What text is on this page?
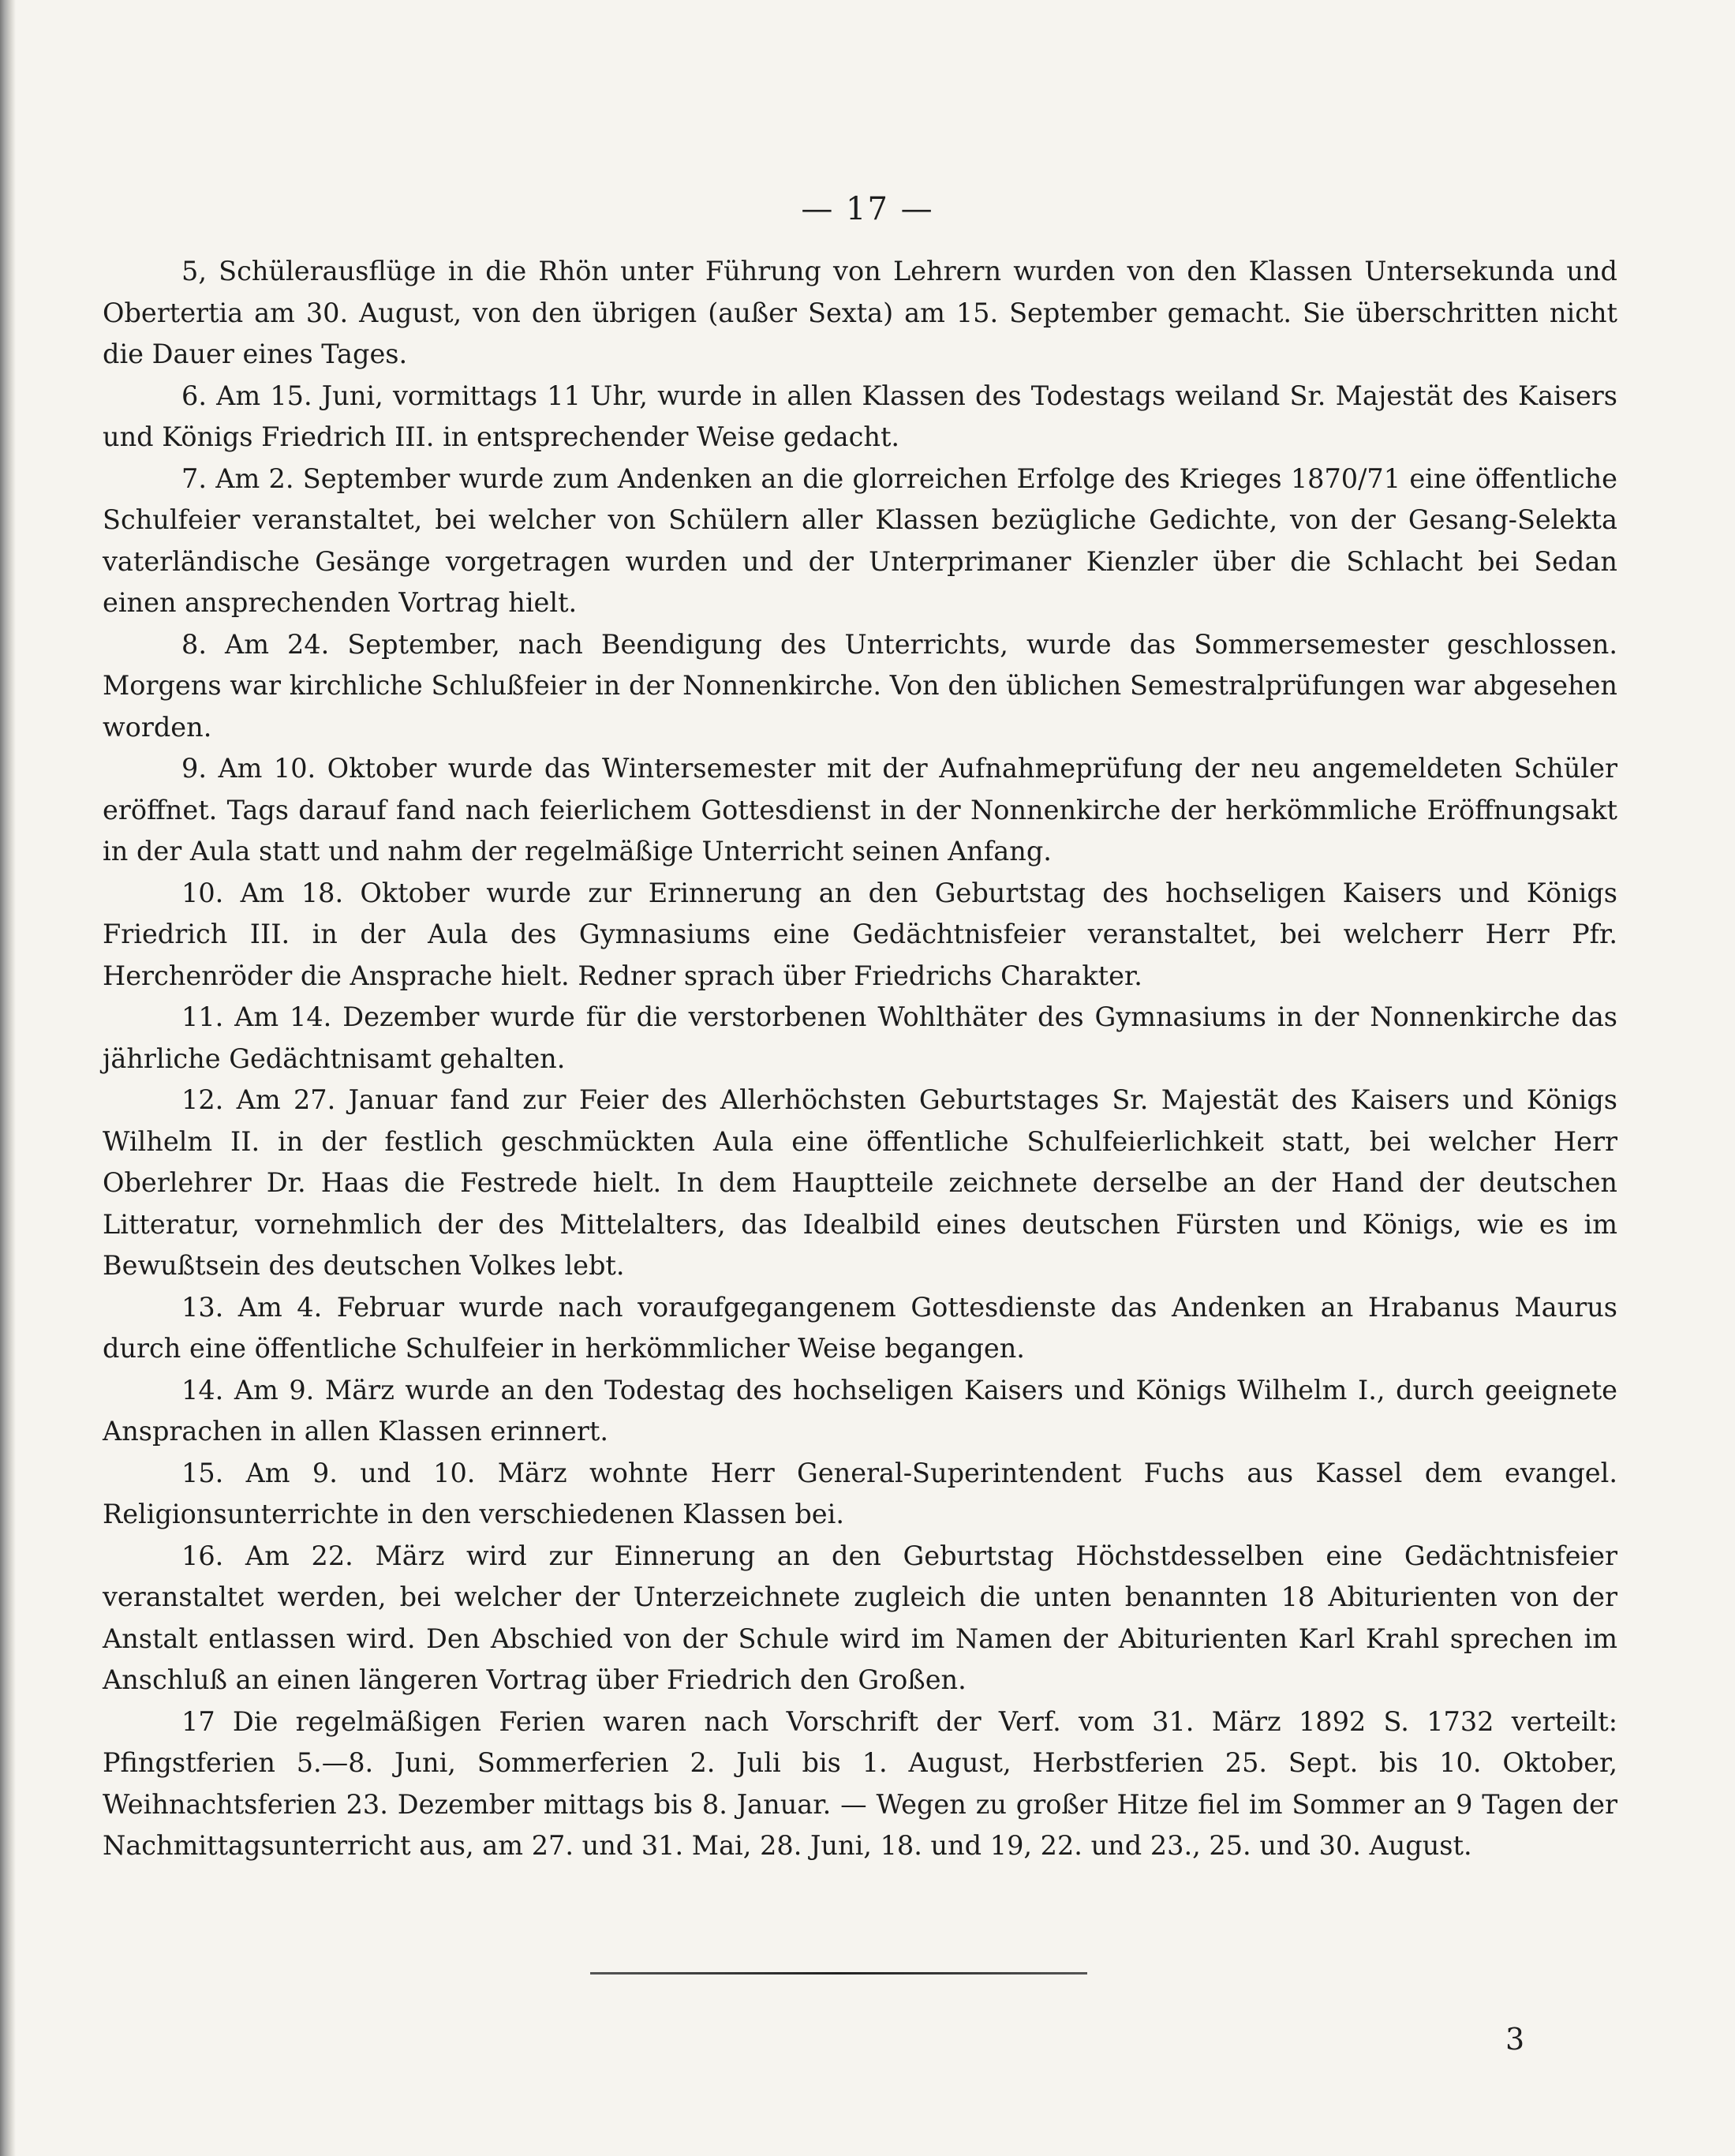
— 17 —

5, Schülerausflüge in die Rhön unter Führung von Lehrern wurden von den Klassen Untersekunda und Obertertia am 30. August, von den übrigen (außer Sexta) am 15. September gemacht. Sie überschritten nicht die Dauer eines Tages.

6. Am 15. Juni, vormittags 11 Uhr, wurde in allen Klassen des Todestags weiland Sr. Majestät des Kaisers und Königs Friedrich III. in entsprechender Weise gedacht.

7. Am 2. September wurde zum Andenken an die glorreichen Erfolge des Krieges 1870/71 eine öffentliche Schulfeier veranstaltet, bei welcher von Schülern aller Klassen bezügliche Gedichte, von der Gesang-Selekta vaterländische Gesänge vorgetragen wurden und der Unterprimaner Kienzler über die Schlacht bei Sedan einen ansprechenden Vortrag hielt.

8. Am 24. September, nach Beendigung des Unterrichts, wurde das Sommersemester geschlossen. Morgens war kirchliche Schlußfeier in der Nonnenkirche. Von den üblichen Semestralprüfungen war abgesehen worden.

9. Am 10. Oktober wurde das Wintersemester mit der Aufnahmeprüfung der neu angemeldeten Schüler eröffnet. Tags darauf fand nach feierlichem Gottesdienst in der Nonnenkirche der herkömmliche Eröffnungsakt in der Aula statt und nahm der regelmäßige Unterricht seinen Anfang.

10. Am 18. Oktober wurde zur Erinnerung an den Geburtstag des hochseligen Kaisers und Königs Friedrich III. in der Aula des Gymnasiums eine Gedächtnisfeier veranstaltet, bei welcherr Herr Pfr. Herchenröder die Ansprache hielt. Redner sprach über Friedrichs Charakter.

11. Am 14. Dezember wurde für die verstorbenen Wohlthäter des Gymnasiums in der Nonnenkirche das jährliche Gedächtnisamt gehalten.

12. Am 27. Januar fand zur Feier des Allerhöchsten Geburtstages Sr. Majestät des Kaisers und Königs Wilhelm II. in der festlich geschmückten Aula eine öffentliche Schulfeierlichkeit statt, bei welcher Herr Oberlehrer Dr. Haas die Festrede hielt. In dem Hauptteile zeichnete derselbe an der Hand der deutschen Litteratur, vornehmlich der des Mittelalters, das Idealbild eines deutschen Fürsten und Königs, wie es im Bewußtsein des deutschen Volkes lebt.

13. Am 4. Februar wurde nach voraufgegangenem Gottesdienste das Andenken an Hrabanus Maurus durch eine öffentliche Schulfeier in herkömmlicher Weise begangen.

14. Am 9. März wurde an den Todestag des hochseligen Kaisers und Königs Wilhelm I., durch geeignete Ansprachen in allen Klassen erinnert.

15. Am 9. und 10. März wohnte Herr General-Superintendent Fuchs aus Kassel dem evangel. Religionsunterrichte in den verschiedenen Klassen bei.

16. Am 22. März wird zur Einnerung an den Geburtstag Höchstdesselben eine Gedächtnisfeier veranstaltet werden, bei welcher der Unterzeichnete zugleich die unten benannten 18 Abiturienten von der Anstalt entlassen wird. Den Abschied von der Schule wird im Namen der Abiturienten Karl Krahl sprechen im Anschluß an einen längeren Vortrag über Friedrich den Großen.

17 Die regelmäßigen Ferien waren nach Vorschrift der Verf. vom 31. März 1892 S. 1732 verteilt: Pfingstferien 5.—8. Juni, Sommerferien 2. Juli bis 1. August, Herbstferien 25. Sept. bis 10. Oktober, Weihnachtsferien 23. Dezember mittags bis 8. Januar. — Wegen zu großer Hitze fiel im Sommer an 9 Tagen der Nachmittagsunterricht aus, am 27. und 31. Mai, 28. Juni, 18. und 19, 22. und 23., 25. und 30. August.

3
